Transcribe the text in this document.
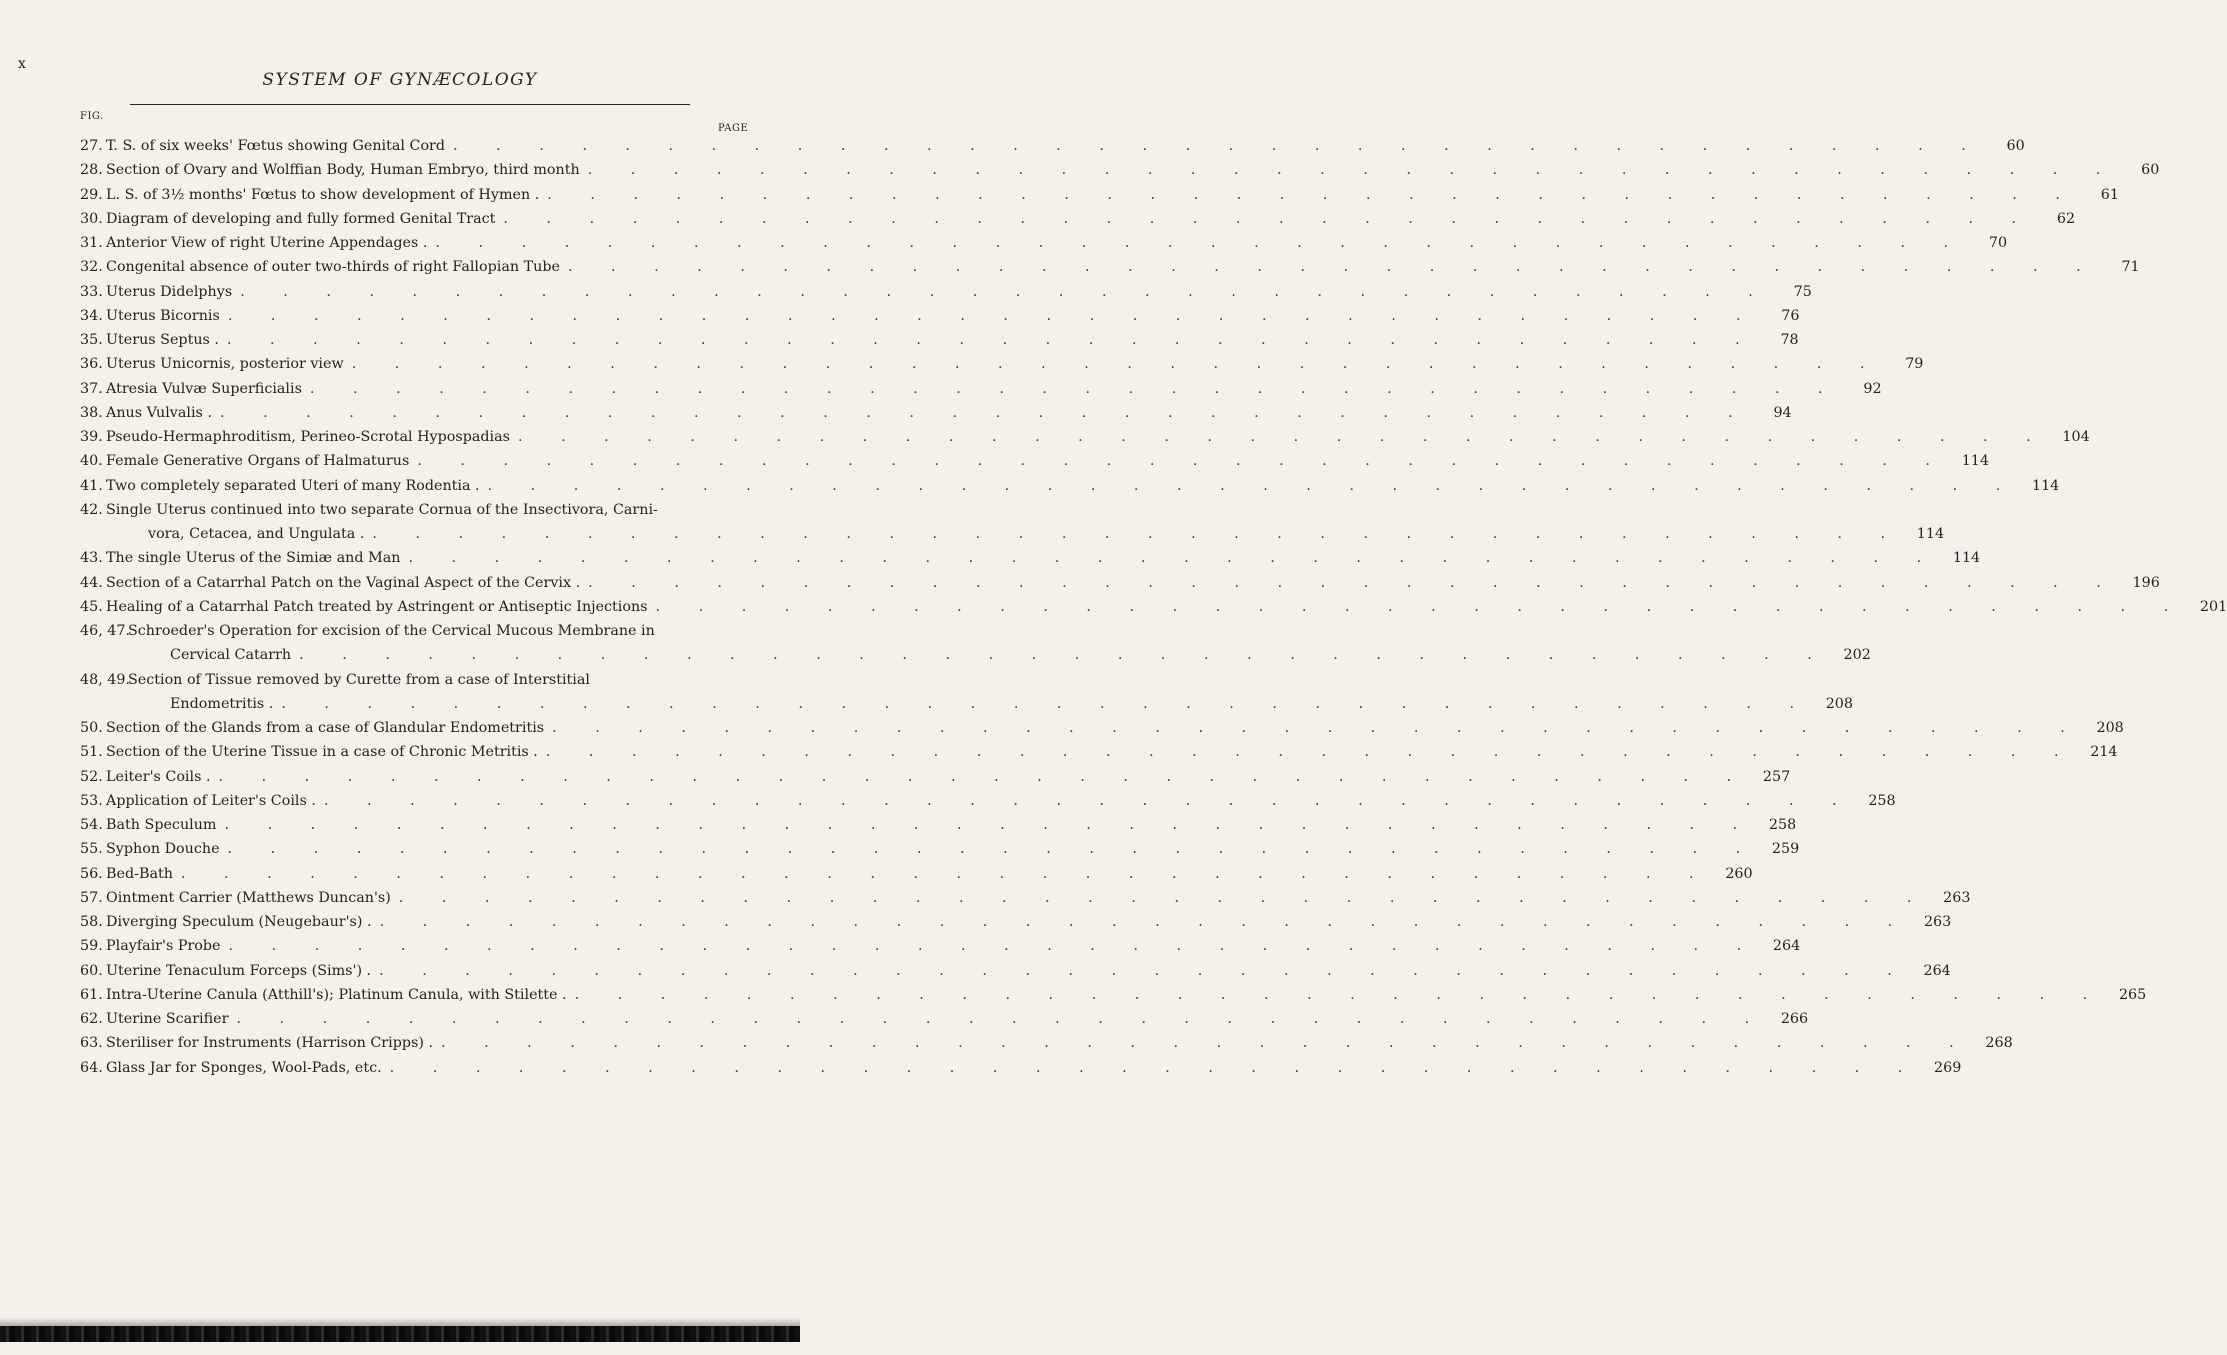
x
SYSTEM OF GYNÆCOLOGY
FIG.
PAGE
27. T. S. of six weeks' Fœtus showing Genital Cord . . .	60
28. Section of Ovary and Wolffian Body, Human Embryo, third month . . .	60
29. L. S. of 3½ months' Fœtus to show development of Hymen . . . .	61
30. Diagram of developing and fully formed Genital Tract . . .	62
31. Anterior View of right Uterine Appendages . . . .	70
32. Congenital absence of outer two-thirds of right Fallopian Tube . . .	71
33. Uterus Didelphys . . .	75
34. Uterus Bicornis . . .	76
35. Uterus Septus . . . .	78
36. Uterus Unicornis, posterior view . . .	79
37. Atresia Vulvæ Superficialis . . .	92
38. Anus Vulvalis . . . .	94
39. Pseudo-Hermaphroditism, Perineo-Scrotal Hypospadias . . .	104
40. Female Generative Organs of Halmaturus . . .	114
41. Two completely separated Uteri of many Rodentia . . . .	114
42. Single Uterus continued into two separate Cornua of the Insectivora, Carni-
vora, Cetacea, and Ungulata . . . .	114
43. The single Uterus of the Simiæ and Man . . .	114
44. Section of a Catarrhal Patch on the Vaginal Aspect of the Cervix . . . .	196
45. Healing of a Catarrhal Patch treated by Astringent or Antiseptic Injections . . .	201
46, 47.
Schroeder's Operation for excision of the Cervical Mucous Membrane in
Cervical Catarrh . . .	202
48, 49.
Section of Tissue removed by Curette from a case of Interstitial
Endometritis . . . .	208
50. Section of the Glands from a case of Glandular Endometritis . . .	208
51. Section of the Uterine Tissue in a case of Chronic Metritis . . . .	214
52. Leiter's Coils . . . .	257
53. Application of Leiter's Coils . . . .	258
54. Bath Speculum . . .	258
55. Syphon Douche . . .	259
56. Bed-Bath . . .	260
57. Ointment Carrier (Matthews Duncan's) . . .	263
58. Diverging Speculum (Neugebaur's) . . . .	263
59. Playfair's Probe . . .	264
60. Uterine Tenaculum Forceps (Sims') . . . .	264
61. Intra-Uterine Canula (Atthill's); Platinum Canula, with Stilette . . . .	265
62. Uterine Scarifier . . .	266
63. Steriliser for Instruments (Harrison Cripps) . . . .	268
64. Glass Jar for Sponges, Wool-Pads, etc. . . .	269
